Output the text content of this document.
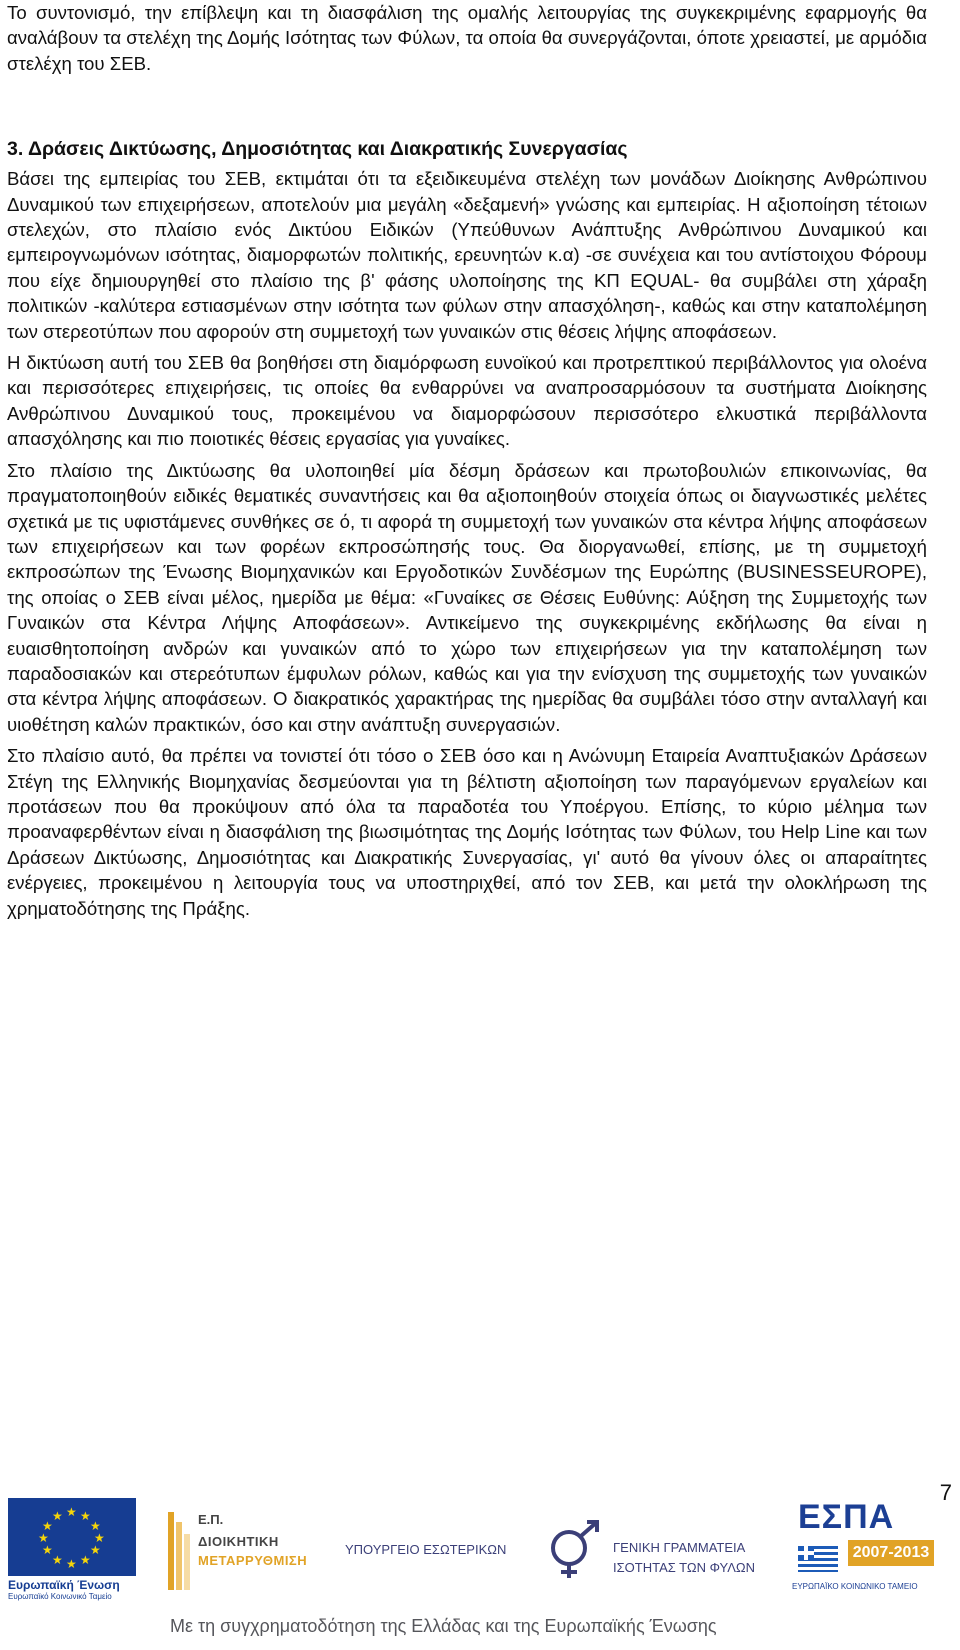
Το συντονισμό, την επίβλεψη και τη διασφάλιση της ομαλής λειτουργίας της συγκεκριμένης εφαρμογής θα αναλάβουν τα στελέχη της Δομής Ισότητας των Φύλων, τα οποία θα συνεργάζονται, όποτε χρειαστεί, με αρμόδια στελέχη του ΣΕΒ.

3. Δράσεις Δικτύωσης, Δημοσιότητας και Διακρατικής Συνεργασίας

Βάσει της εμπειρίας του ΣΕΒ, εκτιμάται ότι τα εξειδικευμένα στελέχη των μονάδων Διοίκησης Ανθρώπινου Δυναμικού των επιχειρήσεων, αποτελούν μια μεγάλη «δεξαμενή» γνώσης και εμπειρίας. Η αξιοποίηση τέτοιων στελεχών, στο πλαίσιο ενός Δικτύου Ειδικών (Υπεύθυνων Ανάπτυξης Ανθρώπινου Δυναμικού και εμπειρογνωμόνων ισότητας, διαμορφωτών πολιτικής, ερευνητών κ.α) -σε συνέχεια και του αντίστοιχου Φόρουμ που είχε δημιουργηθεί στο πλαίσιο της β' φάσης υλοποίησης της ΚΠ EQUAL- θα συμβάλει στη χάραξη πολιτικών -καλύτερα εστιασμένων στην ισότητα των φύλων στην απασχόληση-, καθώς και στην καταπολέμηση των στερεοτύπων που αφορούν στη συμμετοχή των γυναικών στις θέσεις λήψης αποφάσεων.

Η δικτύωση αυτή του ΣΕΒ θα βοηθήσει στη διαμόρφωση ευνοϊκού και προτρεπτικού περιβάλλοντος για ολοένα και περισσότερες επιχειρήσεις, τις οποίες θα ενθαρρύνει να αναπροσαρμόσουν τα συστήματα Διοίκησης Ανθρώπινου Δυναμικού τους, προκειμένου να διαμορφώσουν περισσότερο ελκυστικά περιβάλλοντα απασχόλησης και πιο ποιοτικές θέσεις εργασίας για γυναίκες.

Στο πλαίσιο της Δικτύωσης θα υλοποιηθεί μία δέσμη δράσεων και πρωτοβουλιών επικοινωνίας, θα πραγματοποιηθούν ειδικές θεματικές συναντήσεις και θα αξιοποιηθούν στοιχεία όπως οι διαγνωστικές μελέτες σχετικά με τις υφιστάμενες συνθήκες σε ό, τι αφορά τη συμμετοχή των γυναικών στα κέντρα λήψης αποφάσεων των επιχειρήσεων και των φορέων εκπροσώπησής τους. Θα διοργανωθεί, επίσης, με τη συμμετοχή εκπροσώπων της Ένωσης Βιομηχανικών και Εργοδοτικών Συνδέσμων της Ευρώπης (BUSINESSEUROPE), της οποίας ο ΣΕΒ είναι μέλος, ημερίδα με θέμα: «Γυναίκες σε Θέσεις Ευθύνης: Αύξηση της Συμμετοχής των Γυναικών στα Κέντρα Λήψης Αποφάσεων». Αντικείμενο της συγκεκριμένης εκδήλωσης θα είναι η ευαισθητοποίηση ανδρών και γυναικών από το χώρο των επιχειρήσεων για την καταπολέμηση των παραδοσιακών και στερεότυπων έμφυλων ρόλων, καθώς και για την ενίσχυση της συμμετοχής των γυναικών στα κέντρα λήψης αποφάσεων. Ο διακρατικός χαρακτήρας της ημερίδας θα συμβάλει τόσο στην ανταλλαγή και υιοθέτηση καλών πρακτικών, όσο και στην ανάπτυξη συνεργασιών.

Στο πλαίσιο αυτό, θα πρέπει να τονιστεί ότι τόσο ο ΣΕΒ όσο και η Ανώνυμη Εταιρεία Αναπτυξιακών Δράσεων Στέγη της Ελληνικής Βιομηχανίας δεσμεύονται για τη βέλτιστη αξιοποίηση των παραγόμενων εργαλείων και προτάσεων που θα προκύψουν από όλα τα παραδοτέα του Υποέργου. Επίσης, το κύριο μέλημα των προαναφερθέντων είναι η διασφάλιση της βιωσιμότητας της Δομής Ισότητας των Φύλων, του Help Line και των Δράσεων Δικτύωσης, Δημοσιότητας και Διακρατικής Συνεργασίας, γι' αυτό θα γίνουν όλες οι απαραίτητες ενέργειες, προκειμένου η λειτουργία τους να υποστηριχθεί, από τον ΣΕΒ, και μετά την ολοκλήρωση της χρηματοδότησης της Πράξης.

7
★ ★
★
★
★
★
★
★
★
★
★
★
Ευρωπαϊκή Ένωση
Ευρωπαϊκό Κοινωνικό Ταμείο
Ε.Π.
ΔΙΟΙΚΗΤΙΚΗ
ΜΕΤΑΡΡΥΘΜΙΣΗ
ΥΠΟΥΡΓΕΙΟ ΕΣΩΤΕΡΙΚΩΝ	ΓΕΝΙΚΗ ΓΡΑΜΜΑΤΕΙΑ
ΙΣΟΤΗΤΑΣ ΤΩΝ ΦΥΛΩΝ
ΕΣΠΑ
2007-2013
ΕΥΡΩΠΑΪΚΟ ΚΟΙΝΩΝΙΚΟ ΤΑΜΕΙΟ
Με τη συγχρηματοδότηση της Ελλάδας και της Ευρωπαϊκής Ένωσης
